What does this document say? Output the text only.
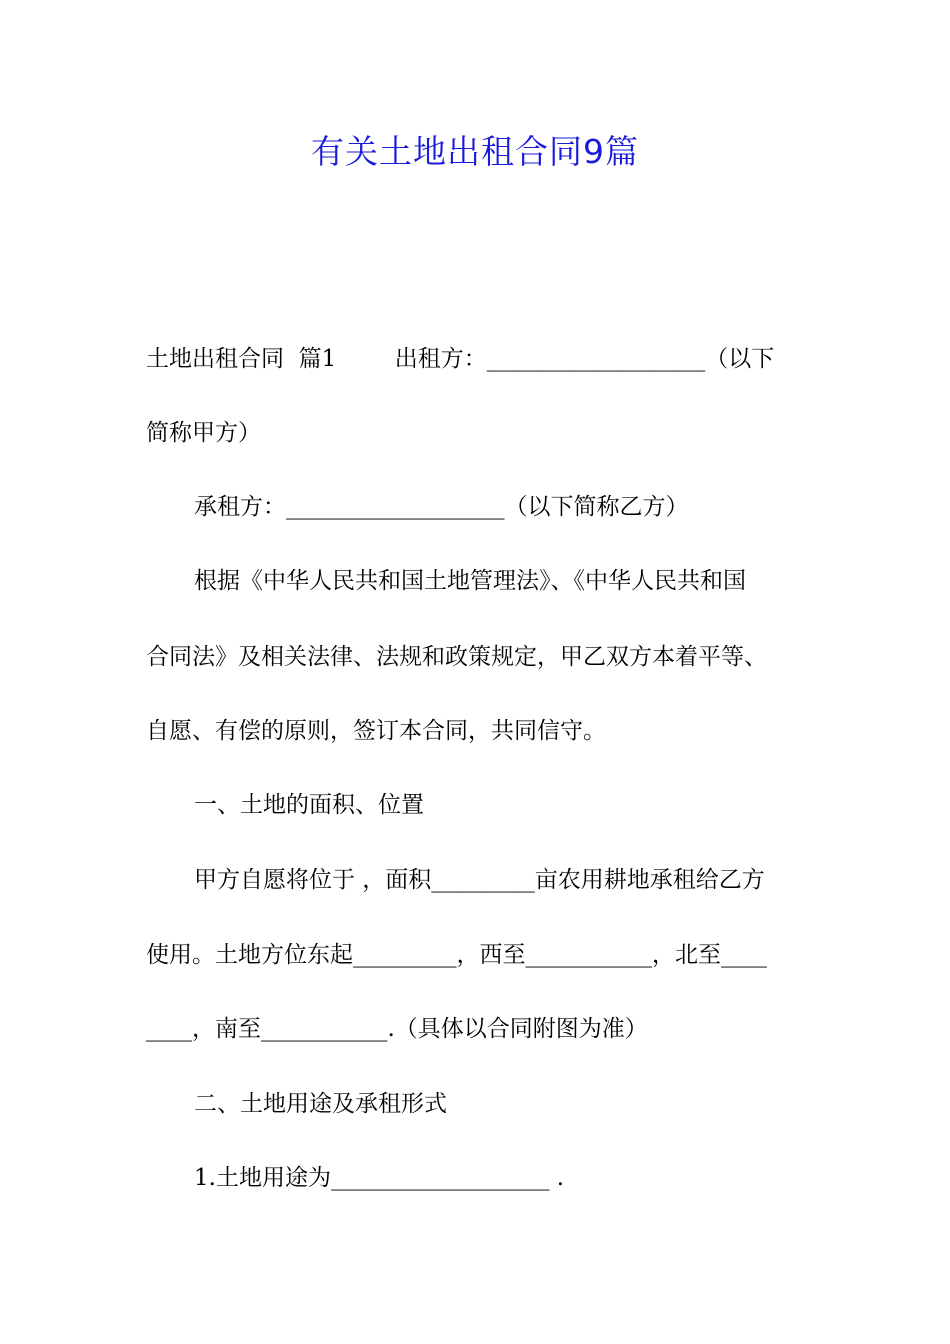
有关土地出租合同9篇
土地出租合同  篇1        出租方：___________________（以下
简称甲方）
承租方：___________________（以下简称乙方）
根据《中华人民共和国土地管理法》、《中华人民共和国
合同法》及相关法律、法规和政策规定，甲乙双方本着平等、
自愿、有偿的原则，签订本合同，共同信守。
一、土地的面积、位置
甲方自愿将位于 ，面积_________亩农用耕地承租给乙方
使用。土地方位东起_________，西至___________，北至____
____，南至___________.（具体以合同附图为准）
二、土地用途及承租形式
1.土地用途为___________________ .
